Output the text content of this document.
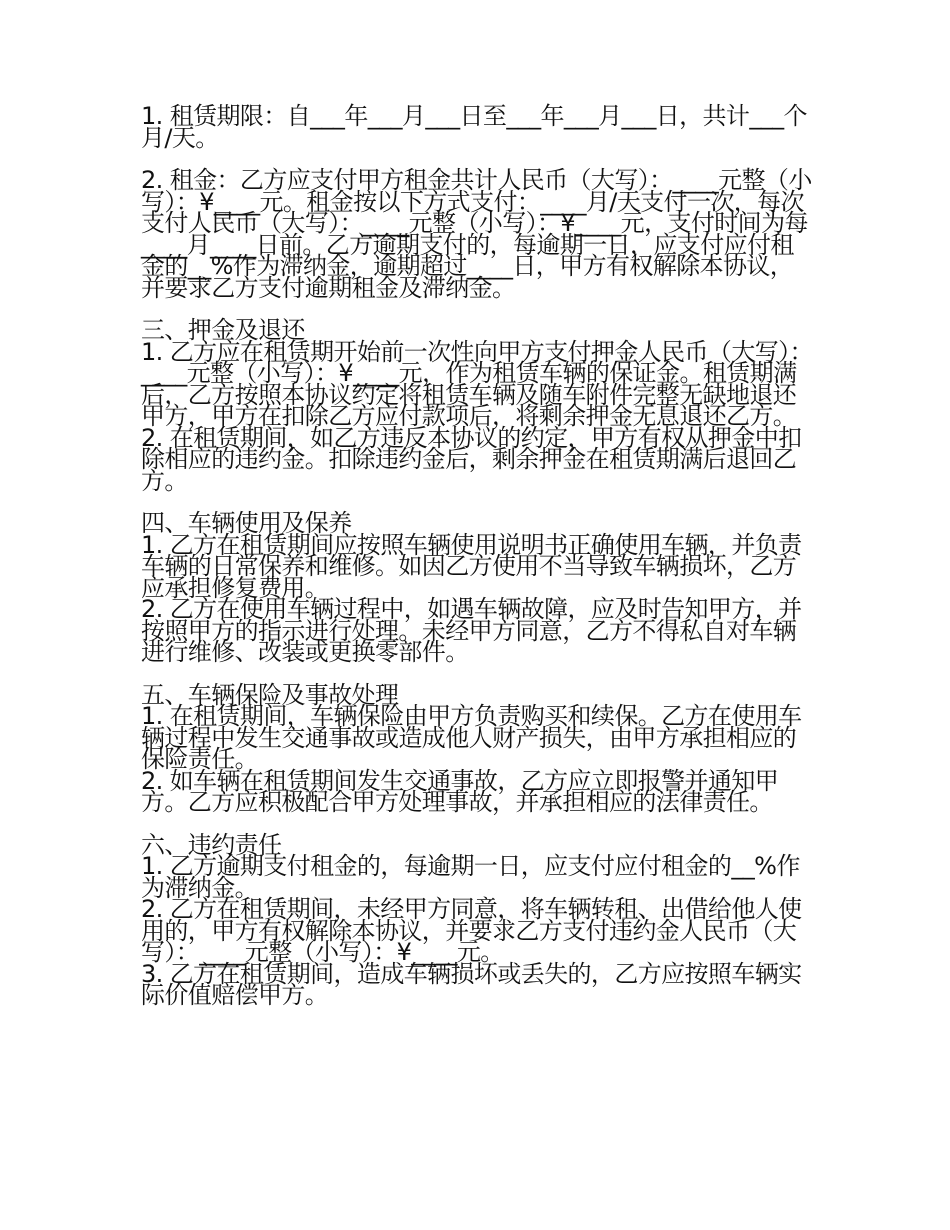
1. 租赁期限：自___年___月___日至___年___月___日，共计___个月/天。

2. 租金：乙方应支付甲方租金共计人民币（大写）：____元整（小写）：¥____元。租金按以下方式支付：____月/天支付一次，每次支付人民币（大写）：____元整（小写）：¥____元，支付时间为每____月____日前。乙方逾期支付的，每逾期一日，应支付应付租金的__%作为滞纳金，逾期超过____日，甲方有权解除本协议，并要求乙方支付逾期租金及滞纳金。

三、押金及退还

1. 乙方应在租赁期开始前一次性向甲方支付押金人民币（大写）：____元整（小写）：¥____元，作为租赁车辆的保证金。租赁期满后，乙方按照本协议约定将租赁车辆及随车附件完整无缺地退还甲方，甲方在扣除乙方应付款项后，将剩余押金无息退还乙方。

2. 在租赁期间，如乙方违反本协议的约定，甲方有权从押金中扣除相应的违约金。扣除违约金后，剩余押金在租赁期满后退回乙方。

四、车辆使用及保养

1. 乙方在租赁期间应按照车辆使用说明书正确使用车辆，并负责车辆的日常保养和维修。如因乙方使用不当导致车辆损坏，乙方应承担修复费用。

2. 乙方在使用车辆过程中，如遇车辆故障，应及时告知甲方，并按照甲方的指示进行处理。未经甲方同意，乙方不得私自对车辆进行维修、改装或更换零部件。

五、车辆保险及事故处理

1. 在租赁期间，车辆保险由甲方负责购买和续保。乙方在使用车辆过程中发生交通事故或造成他人财产损失，由甲方承担相应的保险责任。

2. 如车辆在租赁期间发生交通事故，乙方应立即报警并通知甲方。乙方应积极配合甲方处理事故，并承担相应的法律责任。

六、违约责任

1. 乙方逾期支付租金的，每逾期一日，应支付应付租金的__%作为滞纳金。

2. 乙方在租赁期间，未经甲方同意，将车辆转租、出借给他人使用的，甲方有权解除本协议，并要求乙方支付违约金人民币（大写）：____元整（小写）：¥____元。

3. 乙方在租赁期间，造成车辆损坏或丢失的，乙方应按照车辆实际价值赔偿甲方。
